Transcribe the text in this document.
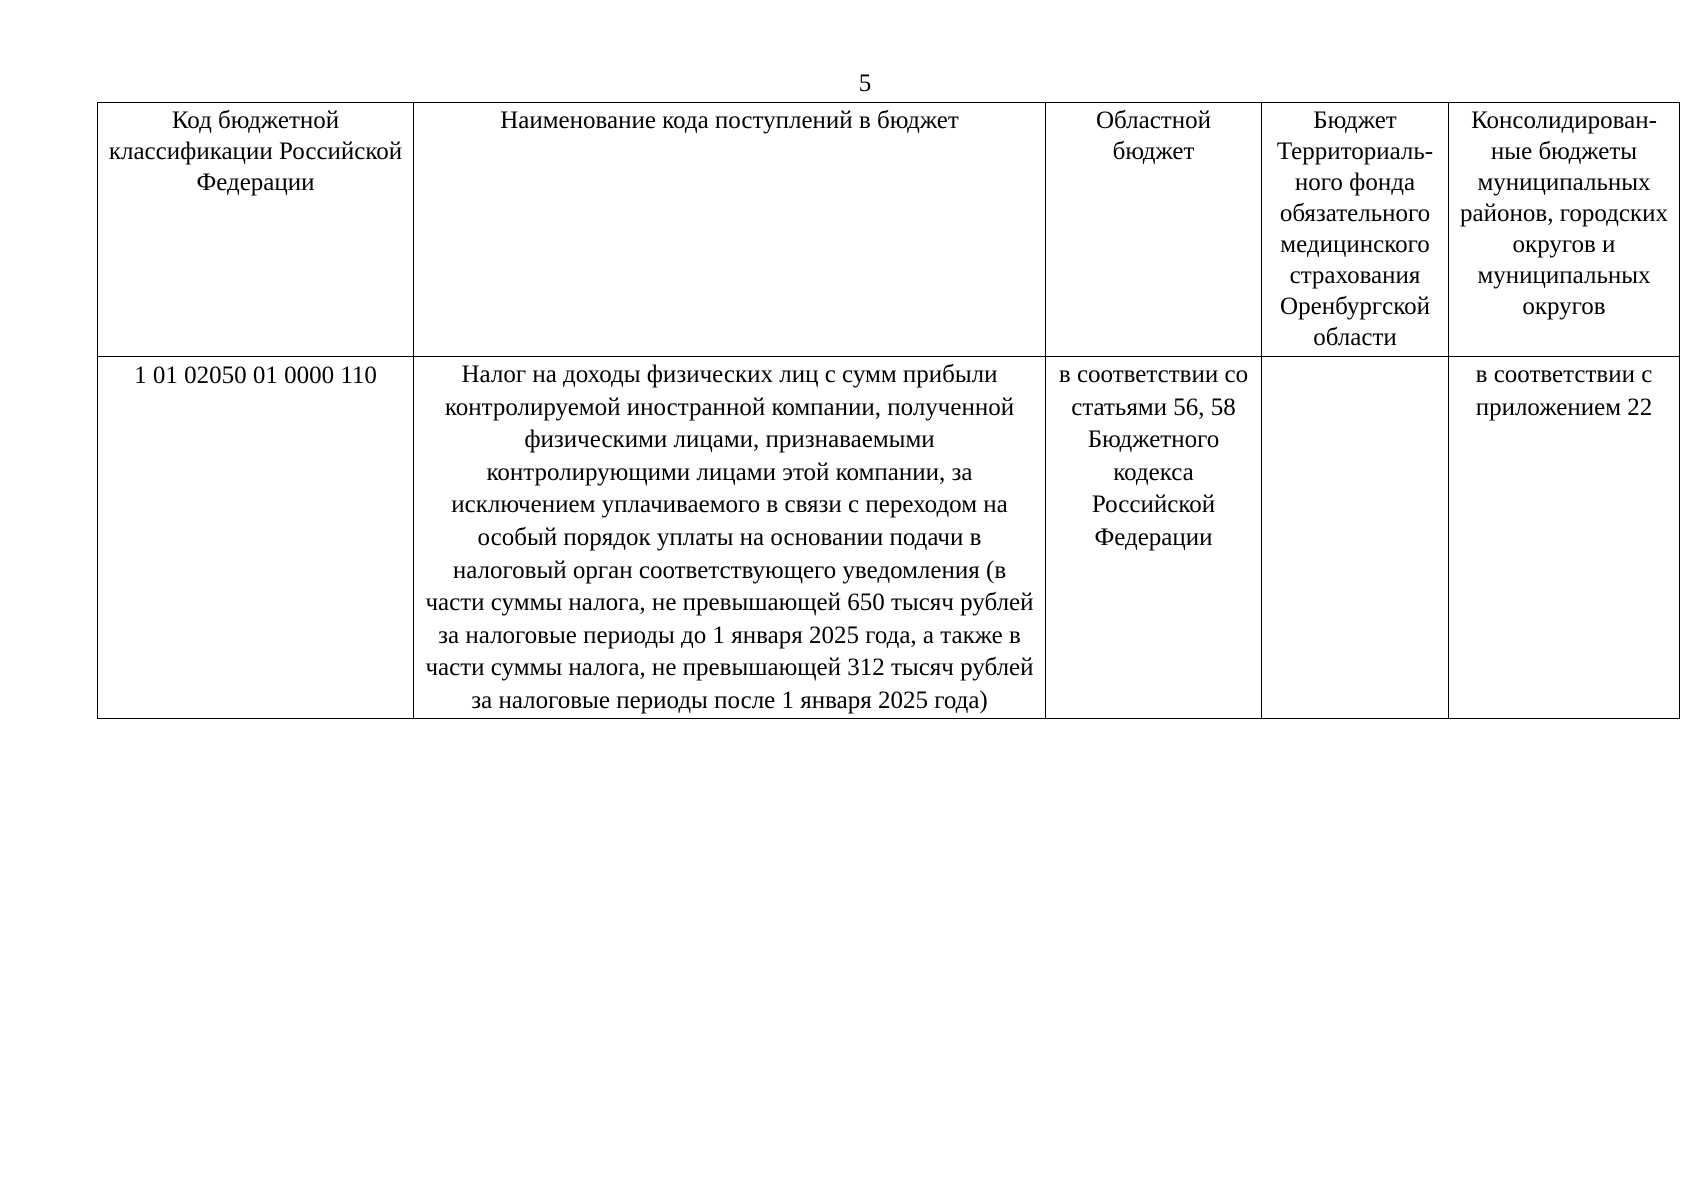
5
Код бюджетной классификации Российской Федерации	Наименование кода поступлений в бюджет	Областной бюджет	Бюджет Территориаль-ного фонда обязательного медицинского страхования Оренбургской области	Консолидирован-ные бюджеты муниципальных районов, городских округов и муниципальных округов
1 01 02050 01 0000 110	Налог на доходы физических лиц с сумм прибыли контролируемой иностранной компании, полученной физическими лицами, признаваемыми контролирующими лицами этой компании, за исключением уплачиваемого в связи с переходом на особый порядок уплаты на основании подачи в налоговый орган соответствующего уведомления (в части суммы налога, не превышающей 650 тысяч рублей за налоговые периоды до 1 января 2025 года, а также в части суммы налога, не превышающей 312 тысяч рублей за налоговые периоды после 1 января 2025 года)	в соответствии со статьями 56, 58 Бюджетного кодекса Российской Федерации		в соответствии с приложением 22
